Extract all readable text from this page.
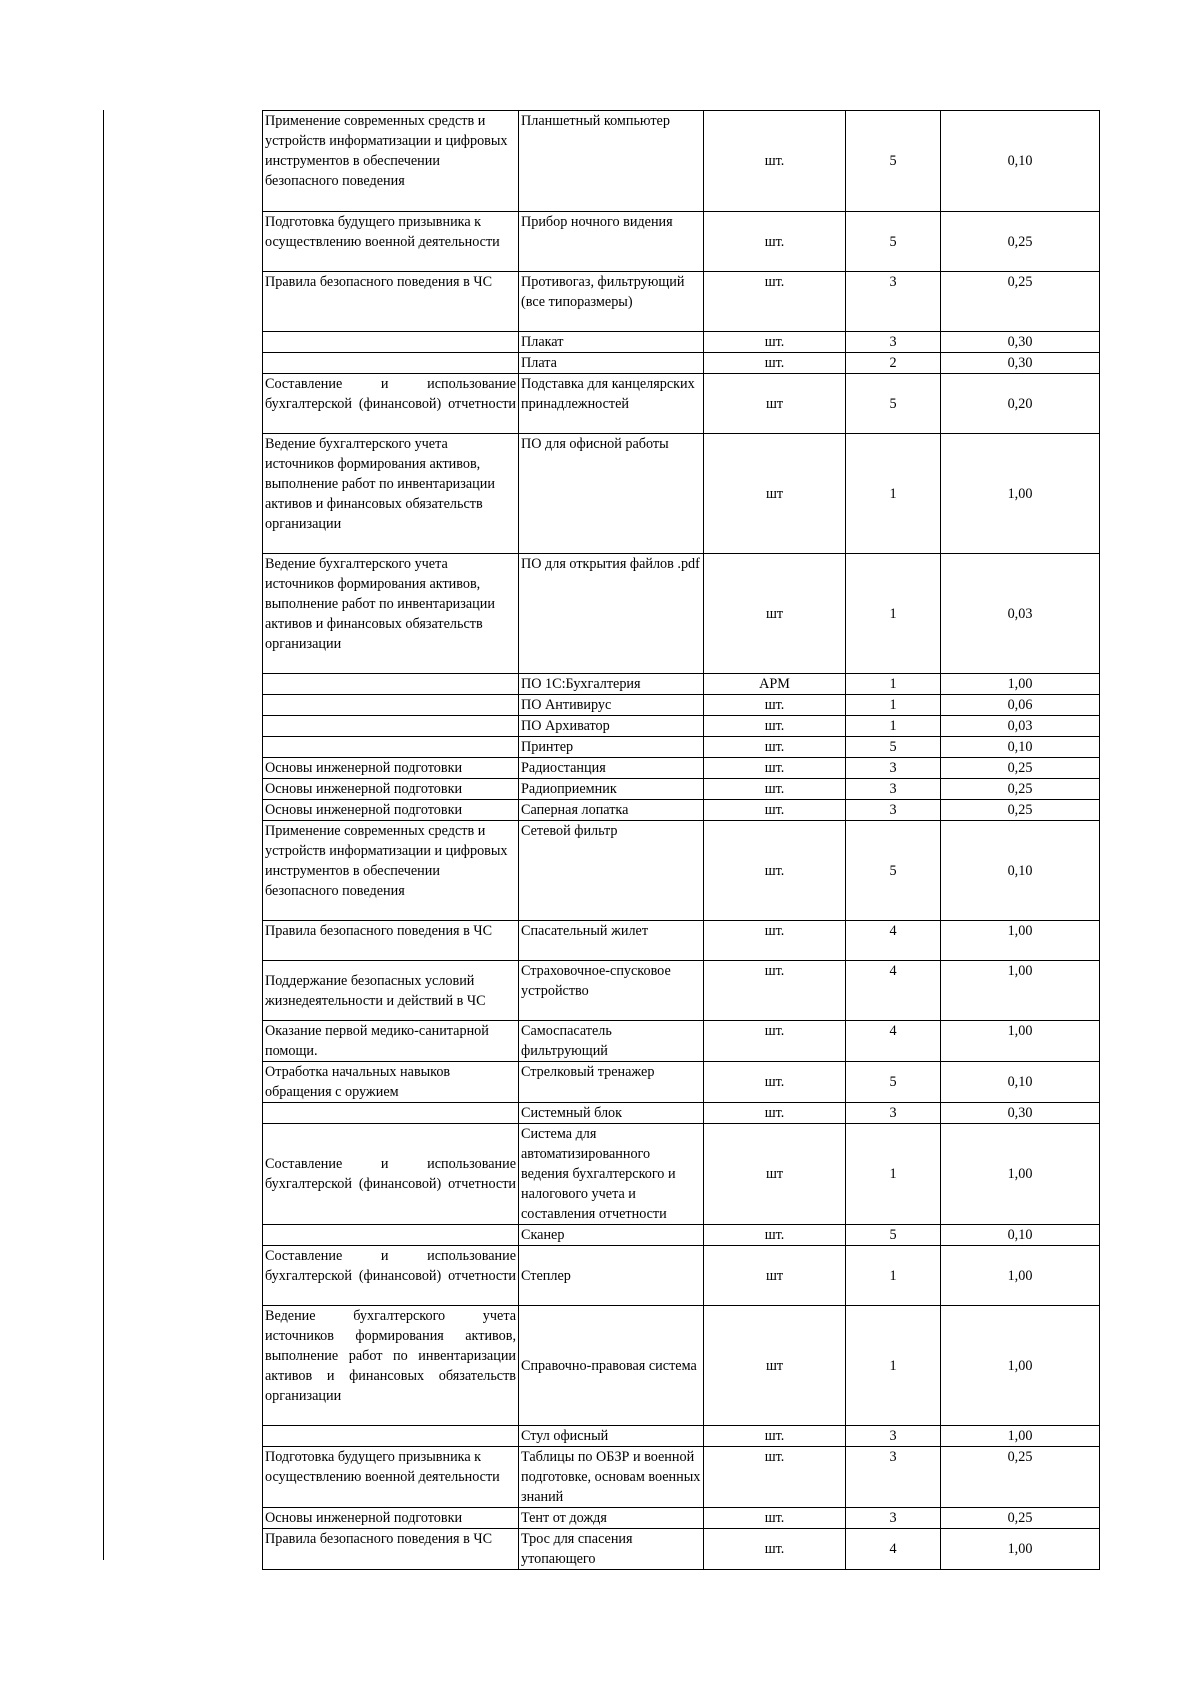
Применение современных средств и устройств информатизации и цифровых инструментов в обеспечении безопасного поведения	Планшетный компьютер	шт.	5	0,10
Подготовка будущего призывника к осуществлению военной деятельности	Прибор ночного видения	шт.	5	0,25
Правила безопасного поведения в ЧС	Противогаз, фильтрующий (все типоразмеры)	шт.	3	0,25
	Плакат	шт.	3	0,30
	Плата	шт.	2	0,30
Составление и использование бухгалтерской (финансовой) отчетности	Подставка для канцелярских принадлежностей	шт	5	0,20
Ведение бухгалтерского учета источников формирования активов, выполнение работ по инвентаризации активов и финансовых обязательств организации	ПО для офисной работы	шт	1	1,00
Ведение бухгалтерского учета источников формирования активов, выполнение работ по инвентаризации активов и финансовых обязательств организации	ПО для открытия файлов .pdf	шт	1	0,03
	ПО 1С:Бухгалтерия	АРМ	1	1,00
	ПО Антивирус	шт.	1	0,06
	ПО Архиватор	шт.	1	0,03
	Принтер	шт.	5	0,10
Основы инженерной подготовки	Радиостанция	шт.	3	0,25
Основы инженерной подготовки	Радиоприемник	шт.	3	0,25
Основы инженерной подготовки	Саперная лопатка	шт.	3	0,25
Применение современных средств и устройств информатизации и цифровых инструментов в обеспечении безопасного поведения	Сетевой фильтр	шт.	5	0,10
Правила безопасного поведения в ЧС	Спасательный жилет	шт.	4	1,00
Поддержание безопасных условий жизнедеятельности и действий в ЧС	Страховочное-спусковое устройство	шт.	4	1,00
Оказание первой медико-санитарной помощи.	Самоспасатель фильтрующий	шт.	4	1,00
Отработка начальных навыков обращения с оружием	Стрелковый тренажер	шт.	5	0,10
	Системный блок	шт.	3	0,30
Составление и использование бухгалтерской (финансовой) отчетности	Система для автоматизированного ведения бухгалтерского и налогового учета и составления отчетности	шт	1	1,00
	Сканер	шт.	5	0,10
Составление и использование бухгалтерской (финансовой) отчетности	Степлер	шт	1	1,00
Ведение бухгалтерского учета источников формирования активов, выполнение работ по инвентаризации активов и финансовых обязательств организации	Справочно-правовая система	шт	1	1,00
	Стул офисный	шт.	3	1,00
Подготовка будущего призывника к осуществлению военной деятельности	Таблицы по ОБЗР и военной подготовке, основам военных знаний	шт.	3	0,25
Основы инженерной подготовки	Тент от дождя	шт.	3	0,25
Правила безопасного поведения в ЧС	Трос для спасения утопающего	шт.	4	1,00
